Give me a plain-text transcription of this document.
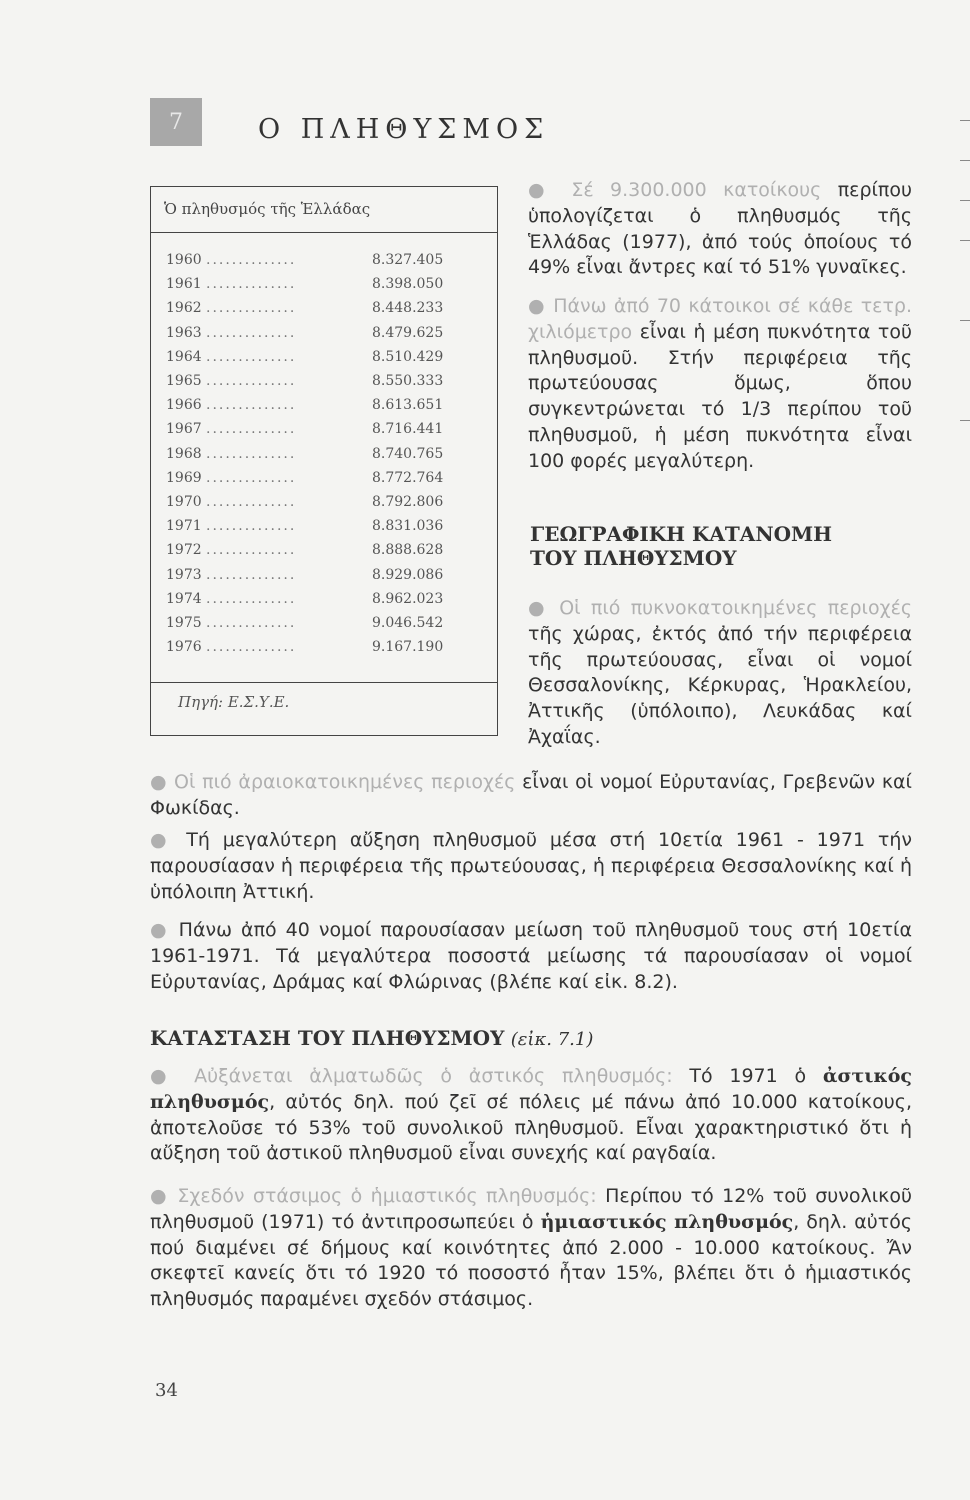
7	Ο ΠΛΗΘΥΣΜΟΣ
Ὁ πληθυσμός τῆς Ἑλλάδας
1960 ..............	8.327.405
1961 ..............	8.398.050
1962 ..............	8.448.233
1963 ..............	8.479.625
1964 ..............	8.510.429
1965 ..............	8.550.333
1966 ..............	8.613.651
1967 ..............	8.716.441
1968 ..............	8.740.765
1969 ..............	8.772.764
1970 ..............	8.792.806
1971 ..............	8.831.036
1972 ..............	8.888.628
1973 ..............	8.929.086
1974 ..............	8.962.023
1975 ..............	9.046.542
1976 ..............	9.167.190
Πηγή: Ε.Σ.Υ.Ε.
● Σέ 9.300.000 κατοίκους περίπου ὑπολογίζεται ὁ πληθυσμός τῆς Ἑλλάδας (1977), ἀπό τούς ὁποίους τό 49% εἶναι ἄντρες καί τό 51% γυναῖκες.
● Πάνω ἀπό 70 κάτοικοι σέ κάθε τετρ. χιλιόμετρο εἶναι ἡ μέση πυκνότητα τοῦ πληθυσμοῦ. Στήν περιφέρεια τῆς πρωτεύουσας ὅμως, ὅπου συγκεντρώνεται τό 1/3 περίπου τοῦ πληθυσμοῦ, ἡ μέση πυκνότητα εἶναι 100 φορές μεγαλύτερη.
ΓΕΩΓΡΑΦΙΚΗ ΚΑΤΑΝΟΜΗ ΤΟΥ ΠΛΗΘΥΣΜΟΥ
● Οἱ πιό πυκνοκατοικημένες περιοχές τῆς χώρας, ἐκτός ἀπό τήν περιφέρεια τῆς πρωτεύουσας, εἶναι οἱ νομοί Θεσσαλονίκης, Κέρκυρας, Ἡρακλείου, Ἀττικῆς (ὑπόλοιπο), Λευκάδας καί Ἀχαΐας.
● Οἱ πιό ἀραιοκατοικημένες περιοχές εἶναι οἱ νομοί Εὐρυτανίας, Γρεβενῶν καί Φωκίδας.
● Τή μεγαλύτερη αὔξηση πληθυσμοῦ μέσα στή 10ετία 1961 - 1971 τήν παρουσίασαν ἡ περιφέρεια τῆς πρωτεύουσας, ἡ περιφέρεια Θεσσαλονίκης καί ἡ ὑπόλοιπη Ἀττική.
● Πάνω ἀπό 40 νομοί παρουσίασαν μείωση τοῦ πληθυσμοῦ τους στή 10ετία 1961-1971. Τά μεγαλύτερα ποσοστά μείωσης τά παρουσίασαν οἱ νομοί Εὐρυτανίας, Δράμας καί Φλώρινας (βλέπε καί εἰκ. 8.2).
ΚΑΤΑΣΤΑΣΗ ΤΟΥ ΠΛΗΘΥΣΜΟΥ (εἰκ. 7.1)
● Αὐξάνεται ἁλματωδῶς ὁ ἀστικός πληθυσμός: Τό 1971 ὁ ἀστικός πληθυσμός, αὐτός δηλ. πού ζεῖ σέ πόλεις μέ πάνω ἀπό 10.000 κατοίκους, ἀποτελοῦσε τό 53% τοῦ συνολικοῦ πληθυσμοῦ. Εἶναι χαρακτηριστικό ὅτι ἡ αὔξηση τοῦ ἀστικοῦ πληθυσμοῦ εἶναι συνεχής καί ραγδαία.
● Σχεδόν στάσιμος ὁ ἡμιαστικός πληθυσμός: Περίπου τό 12% τοῦ συνολικοῦ πληθυσμοῦ (1971) τό ἀντιπροσωπεύει ὁ ἡμιαστικός πληθυσμός, δηλ. αὐτός πού διαμένει σέ δήμους καί κοινότητες ἀπό 2.000 - 10.000 κατοίκους. Ἄν σκεφτεῖ κανείς ὅτι τό 1920 τό ποσοστό ἦταν 15%, βλέπει ὅτι ὁ ἡμιαστικός πληθυσμός παραμένει σχεδόν στάσιμος.
34
